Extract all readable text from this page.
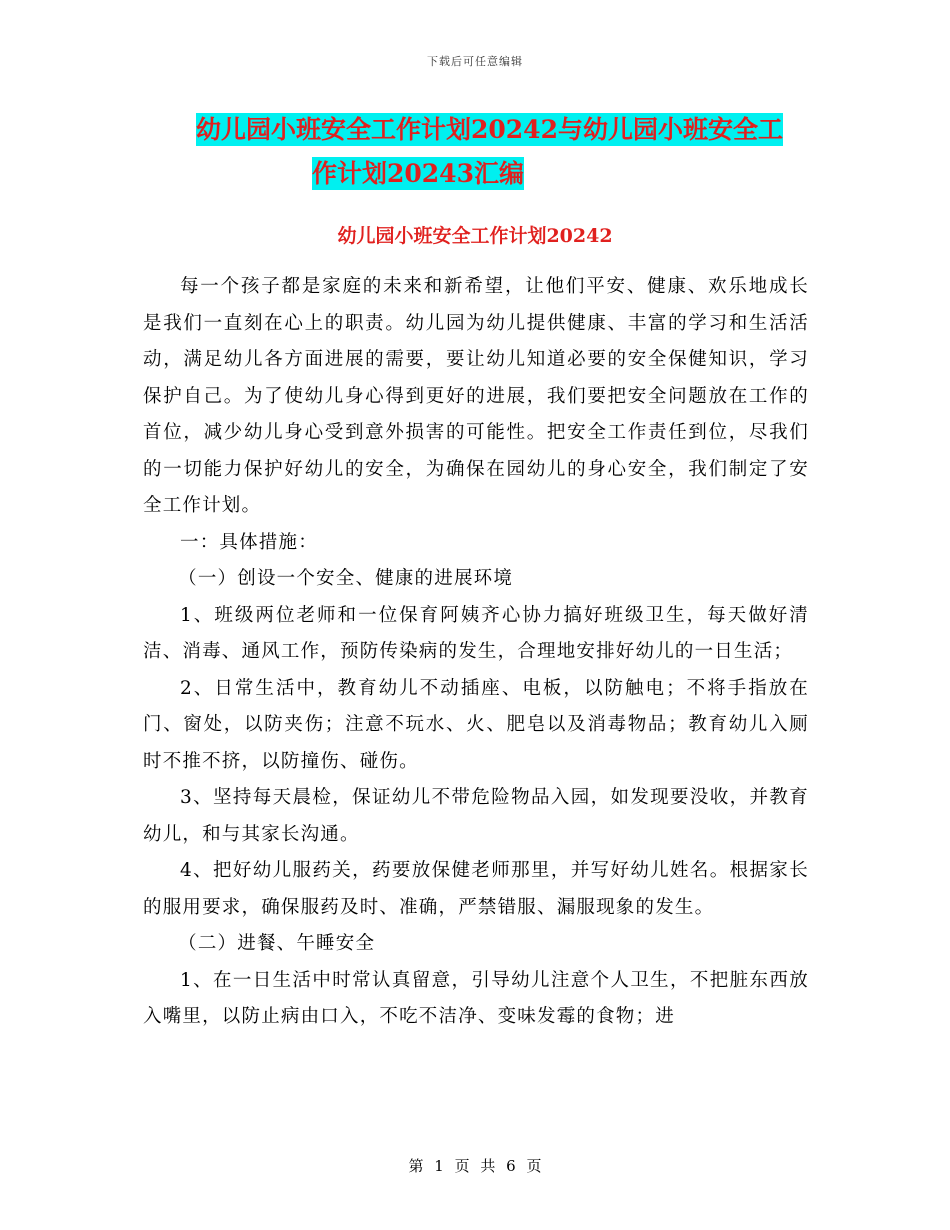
下载后可任意编辑
幼儿园小班安全工作计划20242与幼儿园小班安全工
作计划20243汇编
幼儿园小班安全工作计划20242

每一个孩子都是家庭的未来和新希望，让他们平安、健康、欢乐地成长是我们一直刻在心上的职责。幼儿园为幼儿提供健康、丰富的学习和生活活动，满足幼儿各方面进展的需要，要让幼儿知道必要的安全保健知识，学习保护自己。为了使幼儿身心得到更好的进展，我们要把安全问题放在工作的首位，减少幼儿身心受到意外损害的可能性。把安全工作责任到位，尽我们的一切能力保护好幼儿的安全，为确保在园幼儿的身心安全，我们制定了安全工作计划。

一：具体措施：

（一）创设一个安全、健康的进展环境

1、班级两位老师和一位保育阿姨齐心协力搞好班级卫生，每天做好清洁、消毒、通风工作，预防传染病的发生，合理地安排好幼儿的一日生活；

2、日常生活中，教育幼儿不动插座、电板，以防触电；不将手指放在门、窗处，以防夹伤；注意不玩水、火、肥皂以及消毒物品；教育幼儿入厕时不推不挤，以防撞伤、碰伤。

3、坚持每天晨检，保证幼儿不带危险物品入园，如发现要没收，并教育幼儿，和与其家长沟通。

4、把好幼儿服药关，药要放保健老师那里，并写好幼儿姓名。根据家长的服用要求，确保服药及时、准确，严禁错服、漏服现象的发生。

（二）进餐、午睡安全

1、在一日生活中时常认真留意，引导幼儿注意个人卫生，不把脏东西放入嘴里，以防止病由口入，不吃不洁净、变味发霉的食物；进

第 1 页 共 6 页
